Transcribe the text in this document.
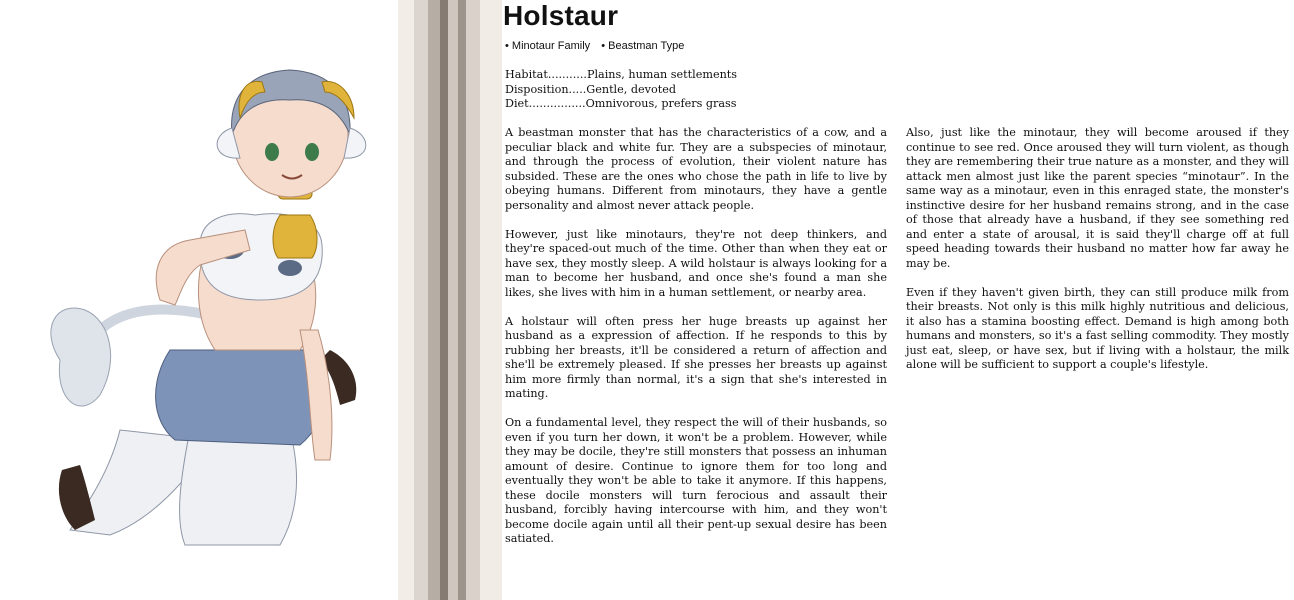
Holstaur
• Minotaur Family • Beastman Type
Habitat...........Plains, human settlements
Disposition.....Gentle, devoted
Diet................Omnivorous, prefers grass

A beastman monster that has the characteristics of a cow, and a peculiar black and white fur. They are a subspecies of minotaur, and through the process of evolution, their violent nature has subsided. These are the ones who chose the path in life to live by obeying humans. Different from minotaurs, they have a gentle personality and almost never attack people.

However, just like minotaurs, they're not deep thinkers, and they're spaced-out much of the time. Other than when they eat or have sex, they mostly sleep. A wild holstaur is always looking for a man to become her husband, and once she's found a man she likes, she lives with him in a human settlement, or nearby area.

A holstaur will often press her huge breasts up against her husband as a expression of affection. If he responds to this by rubbing her breasts, it'll be considered a return of affection and she'll be extremely pleased. If she presses her breasts up against him more firmly than normal, it's a sign that she's interested in mating.

On a fundamental level, they respect the will of their husbands, so even if you turn her down, it won't be a problem. However, while they may be docile, they're still monsters that possess an inhuman amount of desire. Continue to ignore them for too long and eventually they won't be able to take it anymore. If this happens, these docile monsters will turn ferocious and assault their husband, forcibly having intercourse with him, and they won't become docile again until all their pent-up sexual desire has been satiated.

Also, just like the minotaur, they will become aroused if they continue to see red. Once aroused they will turn violent, as though they are remembering their true nature as a monster, and they will attack men almost just like the parent species “minotaur”. In the same way as a minotaur, even in this enraged state, the monster's instinctive desire for her husband remains strong, and in the case of those that already have a husband, if they see something red and enter a state of arousal, it is said they'll charge off at full speed heading towards their husband no matter how far away he may be.

Even if they haven't given birth, they can still produce milk from their breasts. Not only is this milk highly nutritious and delicious, it also has a stamina boosting effect. Demand is high among both humans and monsters, so it's a fast selling commodity. They mostly just eat, sleep, or have sex, but if living with a holstaur, the milk alone will be sufficient to support a couple's lifestyle.
